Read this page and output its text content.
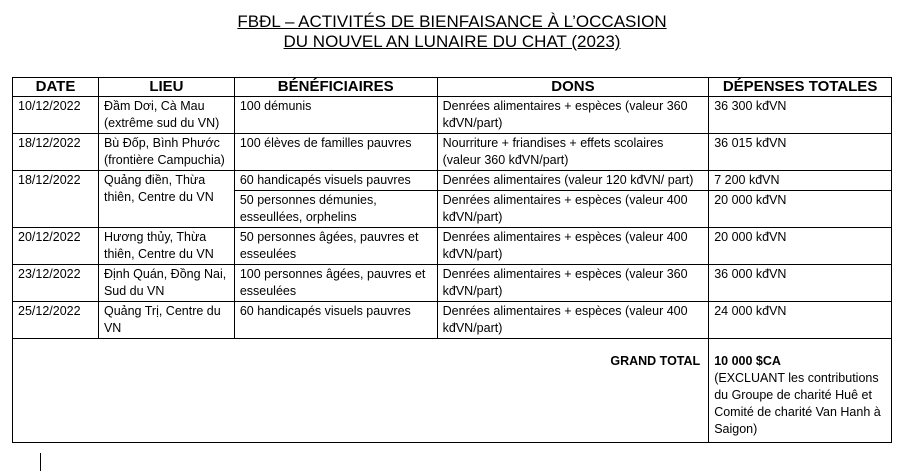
FBĐL – ACTIVITÉS DE BIENFAISANCE À L’OCCASION
DU NOUVEL AN LUNAIRE DU CHAT (2023)
DATE	LIEU	BÉNÉFICIAIRES	DONS	DÉPENSES TOTALES
10/12/2022	Đầm Dơi, Cà Mau (extrême sud du VN)	100 démunis	Denrées alimentaires + espèces (valeur 360 kđVN/part)	36 300 kđVN
18/12/2022	Bù Đốp, Bình Phước (frontière Campuchia)	100 élèves de familles pauvres	Nourriture + friandises + effets scolaires (valeur 360 kđVN/part)	36 015 kđVN
18/12/2022	Quảng điền, Thừa thiên, Centre du VN	60 handicapés visuels pauvres	Denrées alimentaires (valeur 120 kđVN/ part)	7 200 kđVN
		50 personnes démunies, esseullées, orphelins	Denrées alimentaires + espèces (valeur 400 kđVN/part)	20 000 kđVN
20/12/2022	Hương thủy, Thừa thiên, Centre du VN	50 personnes âgées, pauvres et esseulées	Denrées alimentaires + espèces (valeur 400 kđVN/part)	20 000 kđVN
23/12/2022	Định Quán, Đồng Nai, Sud du VN	100 personnes âgées, pauvres et esseulées	Denrées alimentaires + espèces (valeur 360 kđVN/part)	36 000 kđVN
25/12/2022	Quảng Trị, Centre du VN	60 handicapés visuels pauvres	Denrées alimentaires + espèces (valeur 400 kđVN/part)	24 000 kđVN
GRAND TOTAL				10 000 $CA
(EXCLUANT les contributions du Groupe de charité Huê et Comité de charité Van Hanh à Saigon)
